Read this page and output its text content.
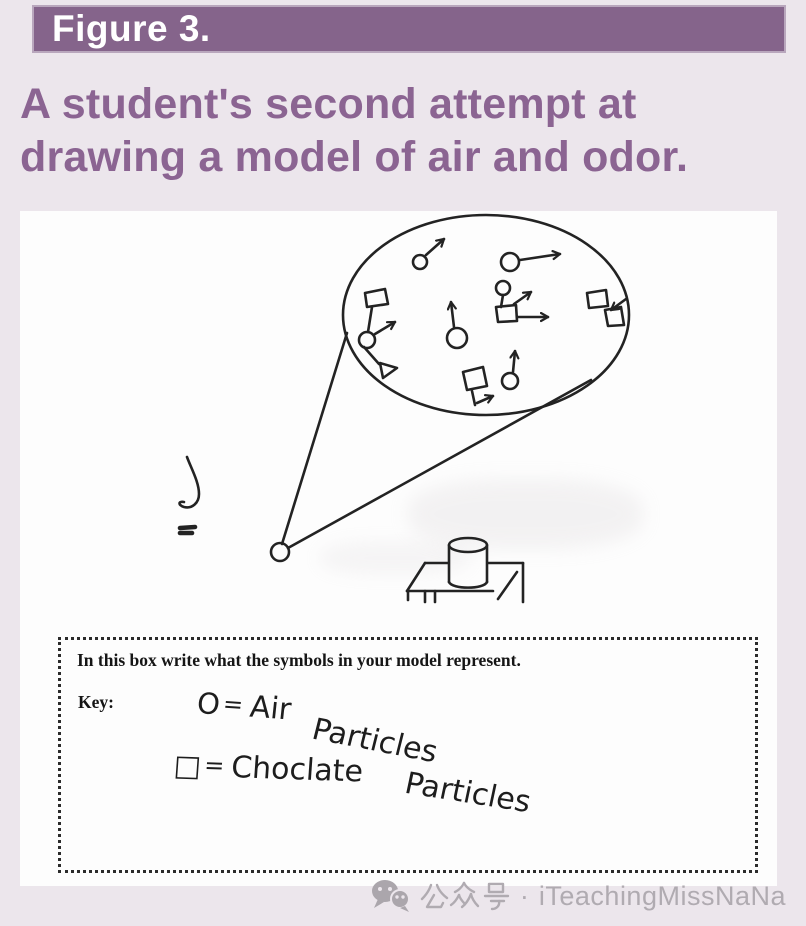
Figure 3.
A student's second attempt at
drawing a model of air and odor.

In this box write what the symbols in your model represent.

Key:	O= Air
Particles
□= Choclate Particles
· iTeachingMissNaNa
